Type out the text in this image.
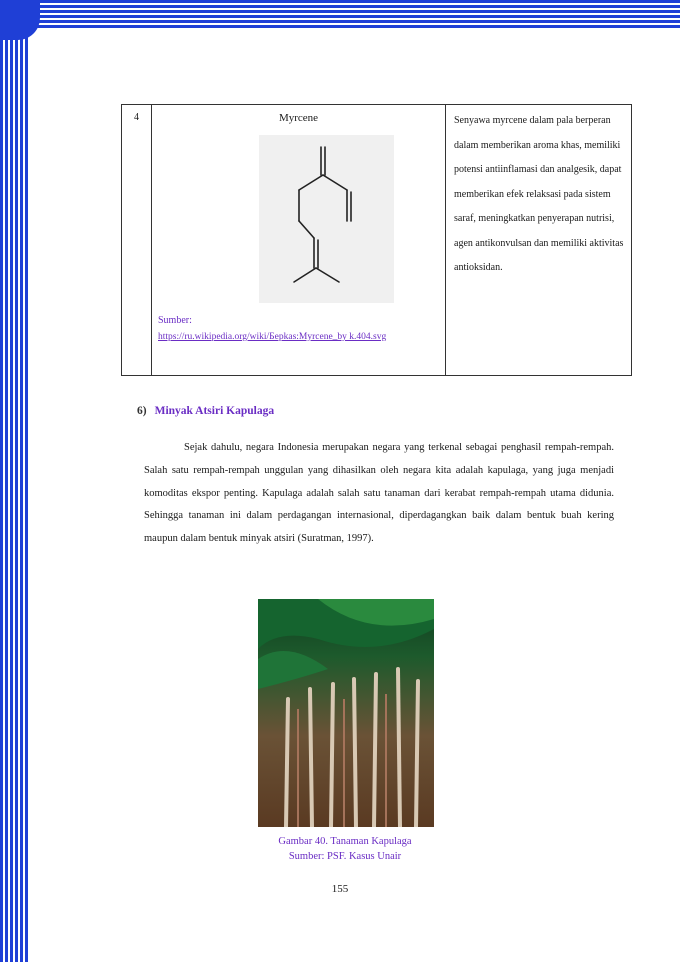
4	Myrcene
Sumber:
https://ru.wikipedia.org/wiki/Берkas:Myrcene_by k.404.svg
Senyawa myrcene dalam pala berperan dalam memberikan aroma khas, memiliki potensi antiinflamasi dan analgesik, dapat memberikan efek relaksasi pada sistem saraf, meningkatkan penyerapan nutrisi, agen antikonvulsan dan memiliki aktivitas antioksidan.
6) Minyak Atsiri Kapulaga
Sejak dahulu, negara Indonesia merupakan negara yang terkenal sebagai penghasil rempah-rempah. Salah satu rempah-rempah unggulan yang dihasilkan oleh negara kita adalah kapulaga, yang juga menjadi komoditas ekspor penting. Kapulaga adalah salah satu tanaman dari kerabat rempah-rempah utama didunia. Sehingga tanaman ini dalam perdagangan internasional, diperdagangkan baik dalam bentuk buah kering maupun dalam bentuk minyak atsiri (Suratman, 1997).
Gambar 40. Tanaman Kapulaga
Sumber: PSF. Kasus Unair
155
